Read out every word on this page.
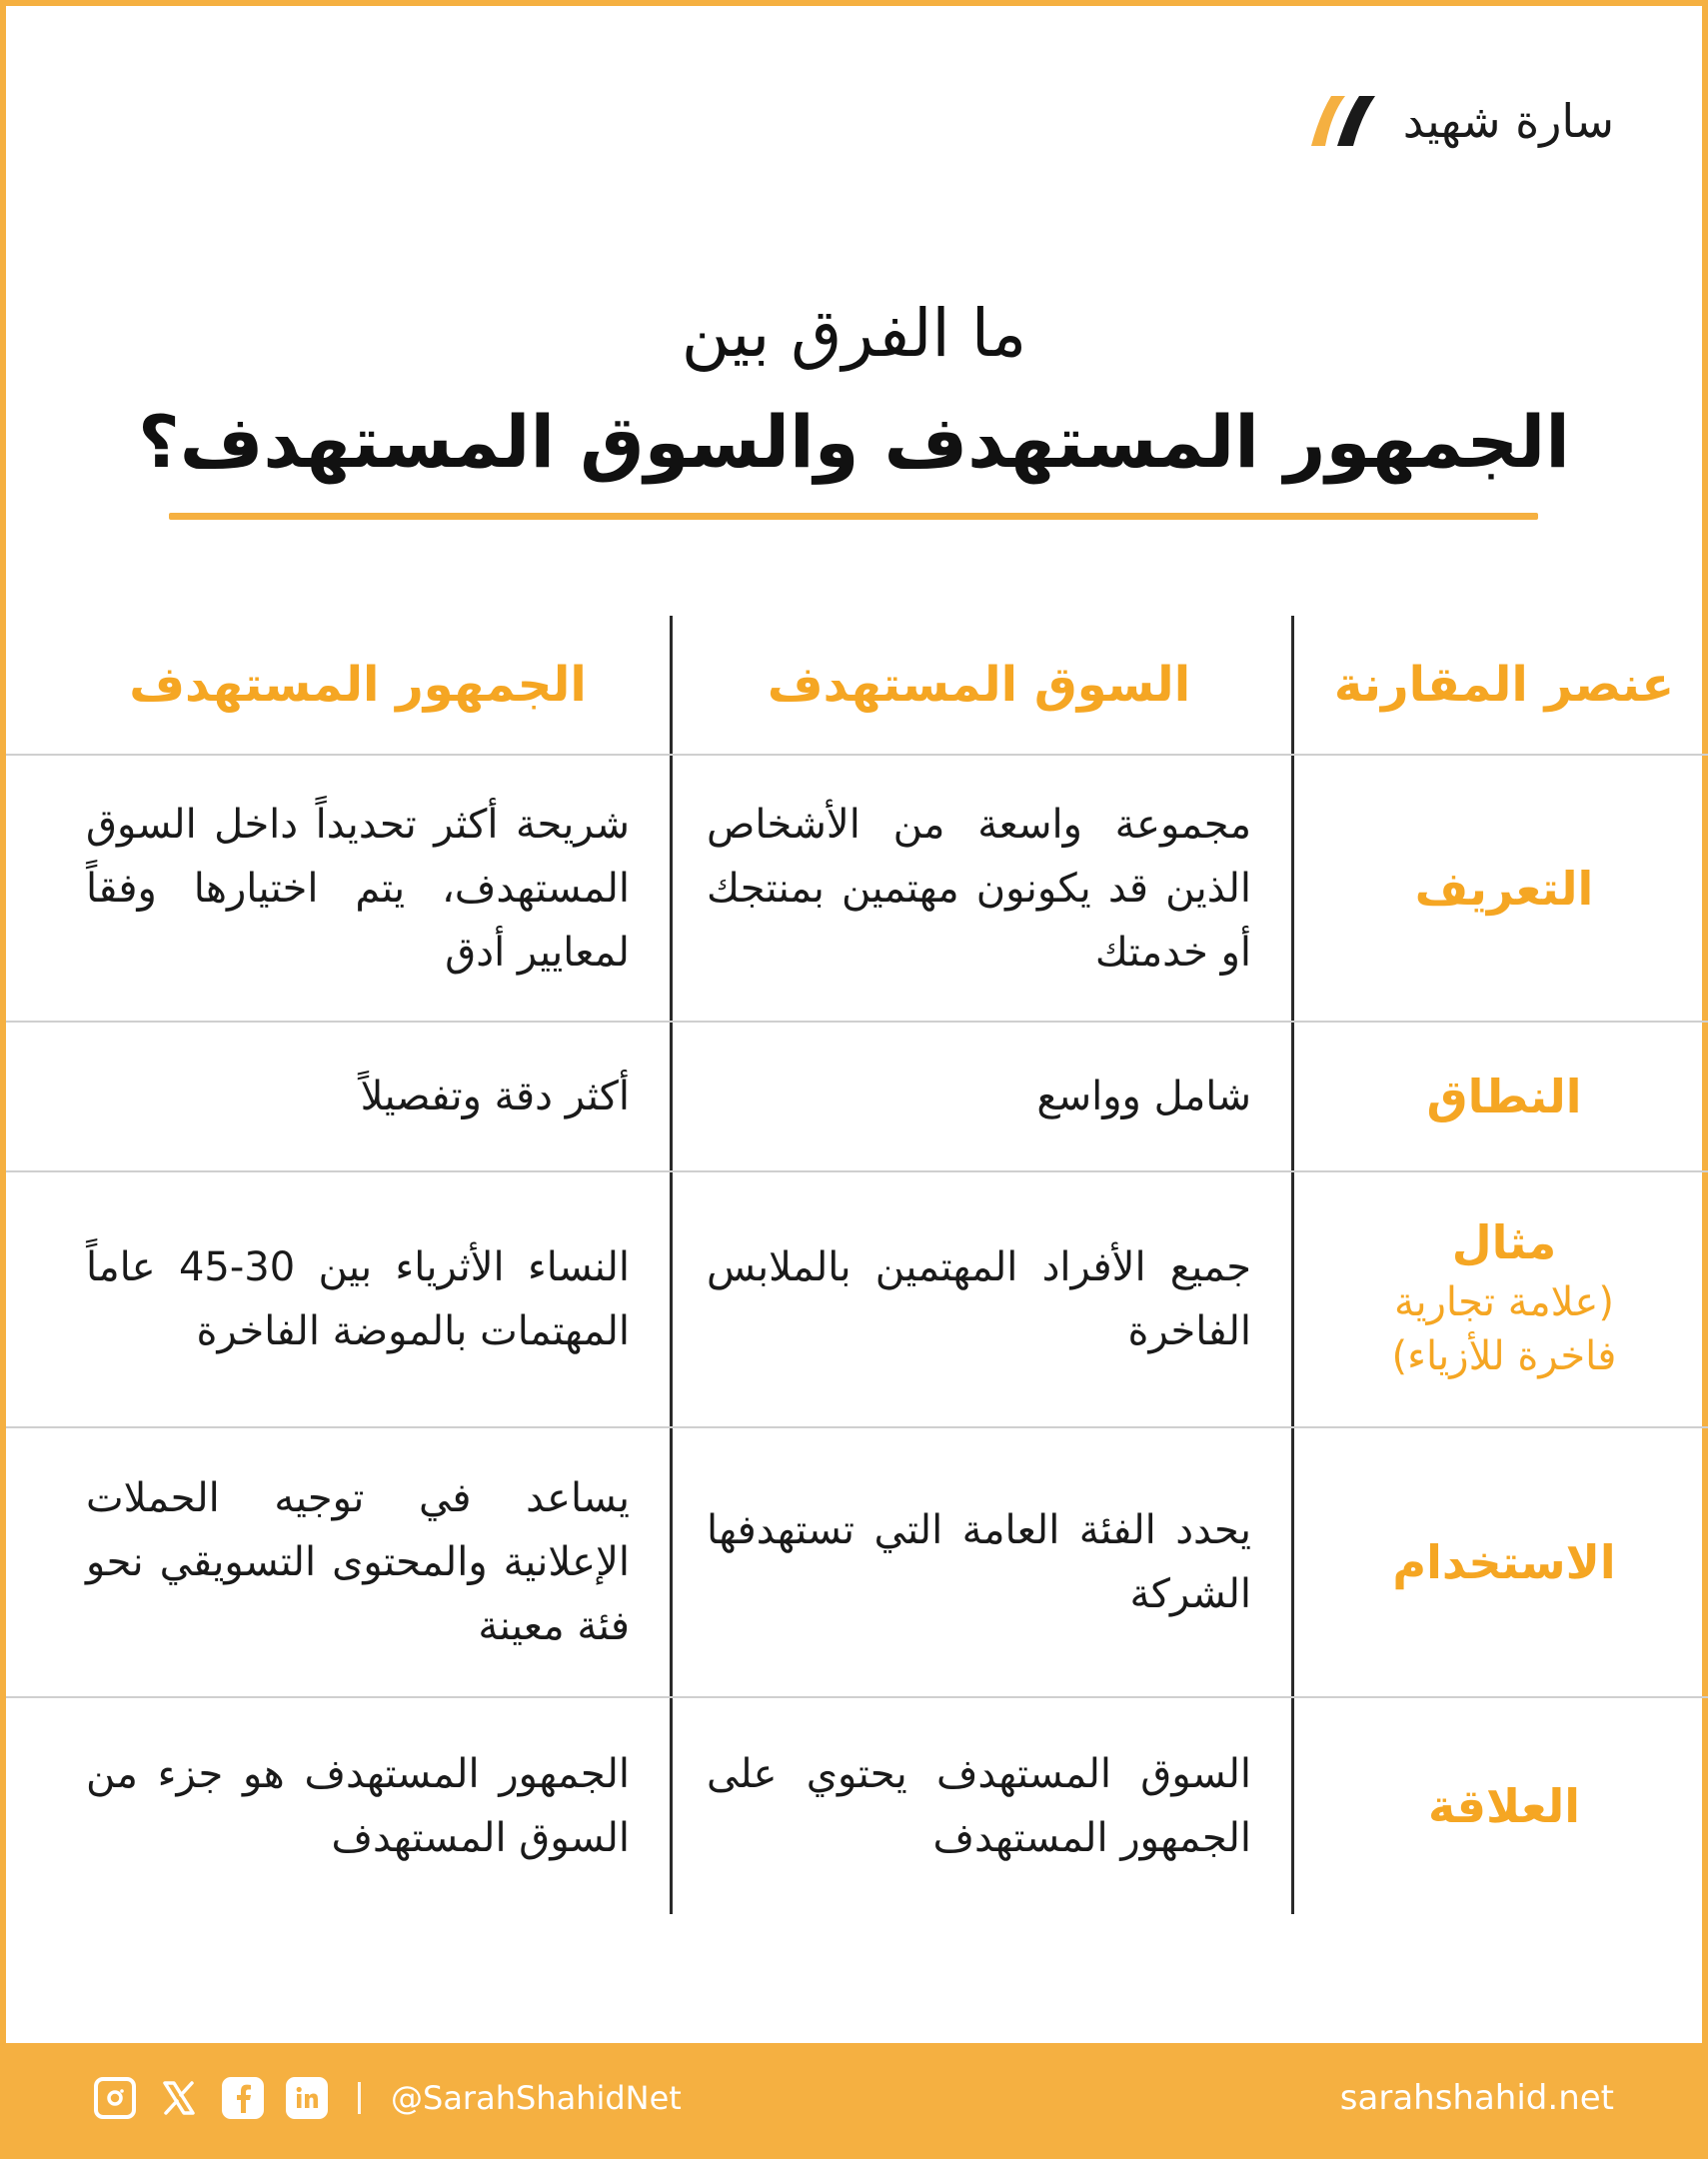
سارة شهيد
ما الفرق بين
الجمهور المستهدف والسوق المستهدف؟
عنصر المقارنة
السوق المستهدف
الجمهور المستهدف
التعريف
مجموعة واسعة من الأشخاص الذين قد يكونون مهتمين بمنتجك أو خدمتك
شريحة أكثر تحديداً داخل السوق المستهدف، يتم اختيارها وفقاً لمعايير أدق
النطاق
شامل وواسع
أكثر دقة وتفصيلاً
مثال
(علامة تجارية فاخرة للأزياء)
جميع الأفراد المهتمين بالملابس الفاخرة
النساء الأثرياء بين 30-45 عاماً المهتمات بالموضة الفاخرة
الاستخدام
يحدد الفئة العامة التي تستهدفها الشركة
يساعد في توجيه الحملات الإعلانية والمحتوى التسويقي نحو فئة معينة
العلاقة
السوق المستهدف يحتوي على الجمهور المستهدف
الجمهور المستهدف هو جزء من السوق المستهدف
@SarahShahidNet	sarahshahid.net
